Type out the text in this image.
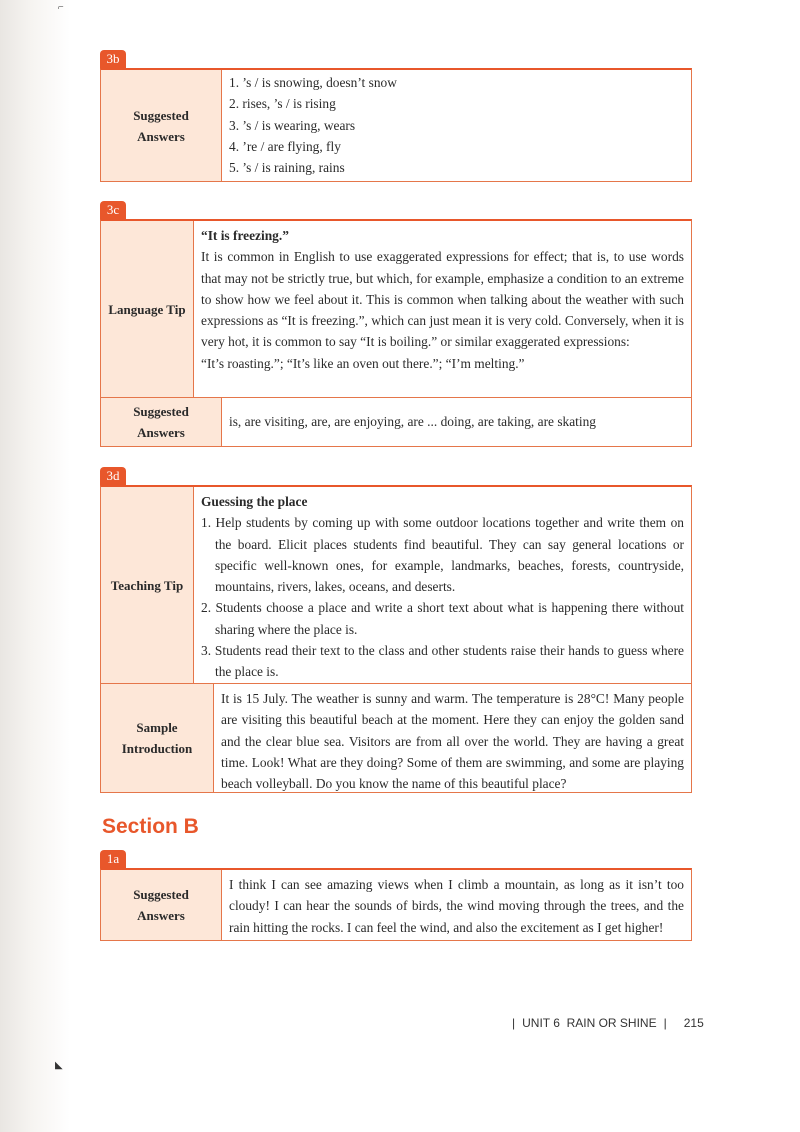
⌐
◣
3b
Suggested Answers
1. ’s / is snowing, doesn’t snow
2. rises, ’s / is rising
3. ’s / is wearing, wears
4. ’re / are flying, fly
5. ’s / is raining, rains
3c
Language Tip
“It is freezing.”
It is common in English to use exaggerated expressions for effect; that is, to use words that may not be strictly true, but which, for example, emphasize a condition to an extreme to show how we feel about it. This is common when talking about the weather with such expressions as “It is freezing.”, which can just mean it is very cold. Conversely, when it is very hot, it is common to say “It is boiling.” or similar exaggerated expressions:
“It’s roasting.”; “It’s like an oven out there.”; “I’m melting.”
Suggested Answers
is, are visiting, are, are enjoying, are ... doing, are taking, are skating
3d
Teaching Tip
Guessing the place
1. Help students by coming up with some outdoor locations together and write them on the board. Elicit places students find beautiful. They can say general locations or specific well-known ones, for example, landmarks, beaches, forests, countryside, mountains, rivers, lakes, oceans, and deserts.
2. Students choose a place and write a short text about what is happening there without sharing where the place is.
3. Students read their text to the class and other students raise their hands to guess where the place is.
Sample Introduction
It is 15 July. The weather is sunny and warm. The temperature is 28°C! Many people are visiting this beautiful beach at the moment. Here they can enjoy the golden sand and the clear blue sea. Visitors are from all over the world. They are having a great time. Look! What are they doing? Some of them are swimming, and some are playing beach volleyball. Do you know the name of this beautiful place?
Section B
1a
Suggested Answers
I think I can see amazing views when I climb a mountain, as long as it isn’t too cloudy! I can hear the sounds of birds, the wind moving through the trees, and the rain hitting the rocks. I can feel the wind, and also the excitement as I get higher!
| UNIT 6 RAIN OR SHINE | 215
